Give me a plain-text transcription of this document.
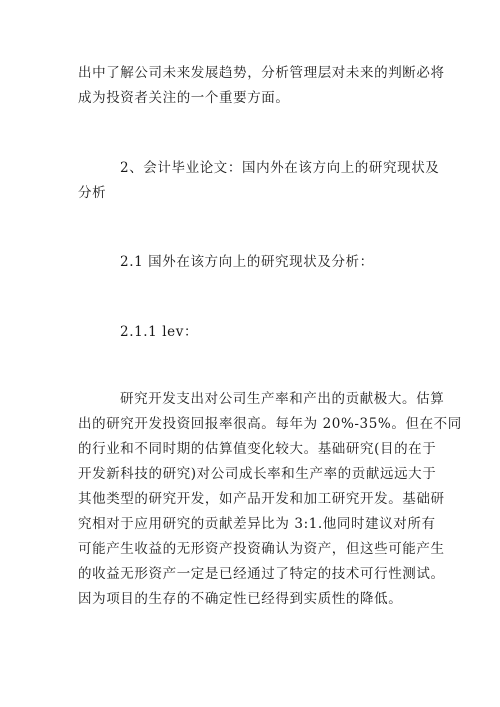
出中了解公司未来发展趋势，分析管理层对未来的判断必将
成为投资者关注的一个重要方面。
2、会计毕业论文：国内外在该方向上的研究现状及
分析
2.1 国外在该方向上的研究现状及分析：
2.1.1 lev：
研究开发支出对公司生产率和产出的贡献极大。估算
出的研究开发投资回报率很高。每年为 20%-35%。但在不同
的行业和不同时期的估算值变化较大。基础研究(目的在于
开发新科技的研究)对公司成长率和生产率的贡献远远大于
其他类型的研究开发，如产品开发和加工研究开发。基础研
究相对于应用研究的贡献差异比为 3:1.他同时建议对所有
可能产生收益的无形资产投资确认为资产，但这些可能产生
的收益无形资产一定是已经通过了特定的技术可行性测试。
因为项目的生存的不确定性已经得到实质性的降低。
